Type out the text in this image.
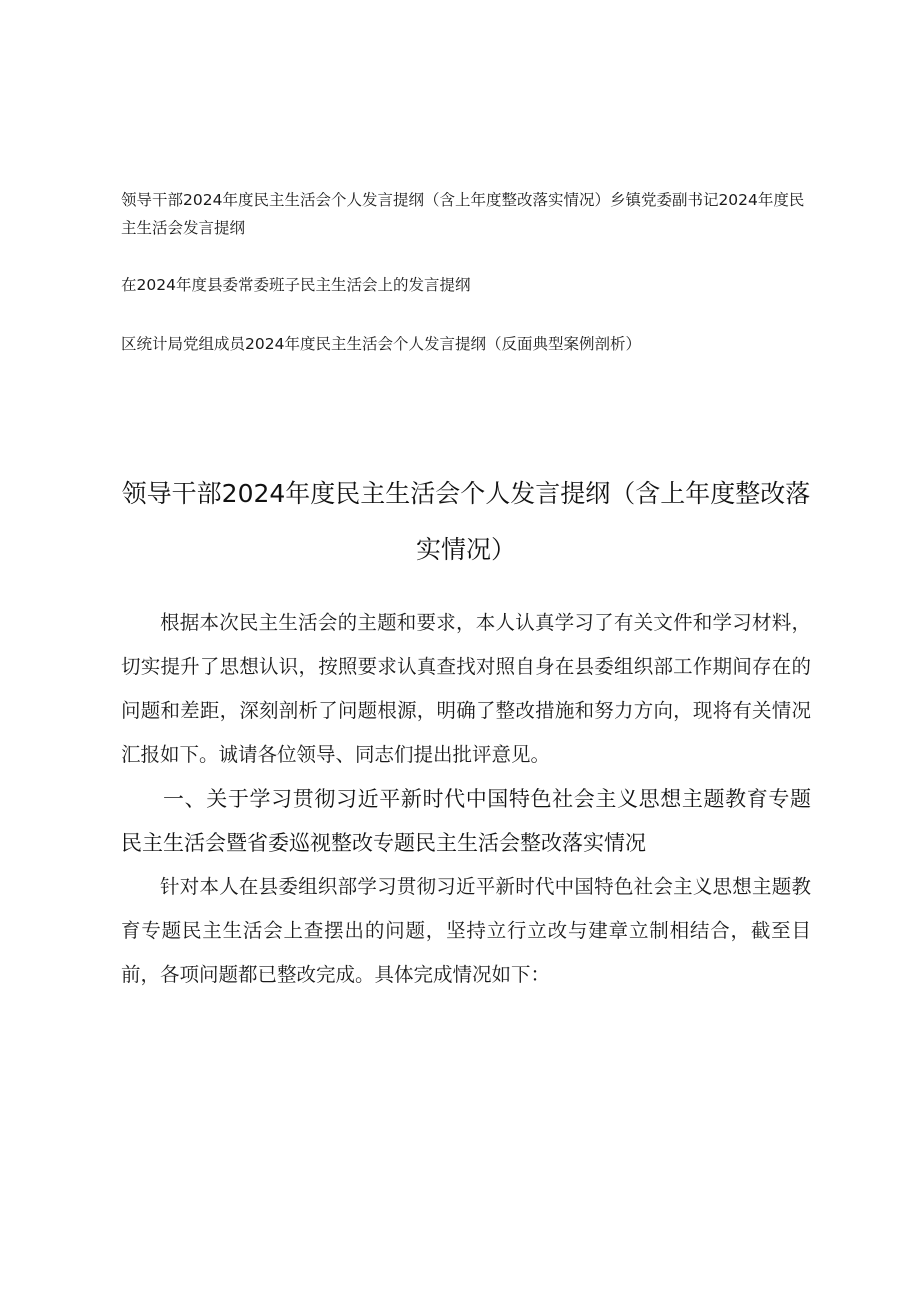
领导干部2024年度民主生活会个人发言提纲（含上年度整改落实情况）乡镇党委副书记2024年度民主生活会发言提纲

在2024年度县委常委班子民主生活会上的发言提纲

区统计局党组成员2024年度民主生活会个人发言提纲（反面典型案例剖析）

领导干部2024年度民主生活会个人发言提纲（含上年度整改落实情况）

根据本次民主生活会的主题和要求，本人认真学习了有关文件和学习材料，切实提升了思想认识，按照要求认真查找对照自身在县委组织部工作期间存在的问题和差距，深刻剖析了问题根源，明确了整改措施和努力方向，现将有关情况汇报如下。诚请各位领导、同志们提出批评意见。

一、关于学习贯彻习近平新时代中国特色社会主义思想主题教育专题民主生活会暨省委巡视整改专题民主生活会整改落实情况

针对本人在县委组织部学习贯彻习近平新时代中国特色社会主义思想主题教育专题民主生活会上查摆出的问题，坚持立行立改与建章立制相结合，截至目前，各项问题都已整改完成。具体完成情况如下：
